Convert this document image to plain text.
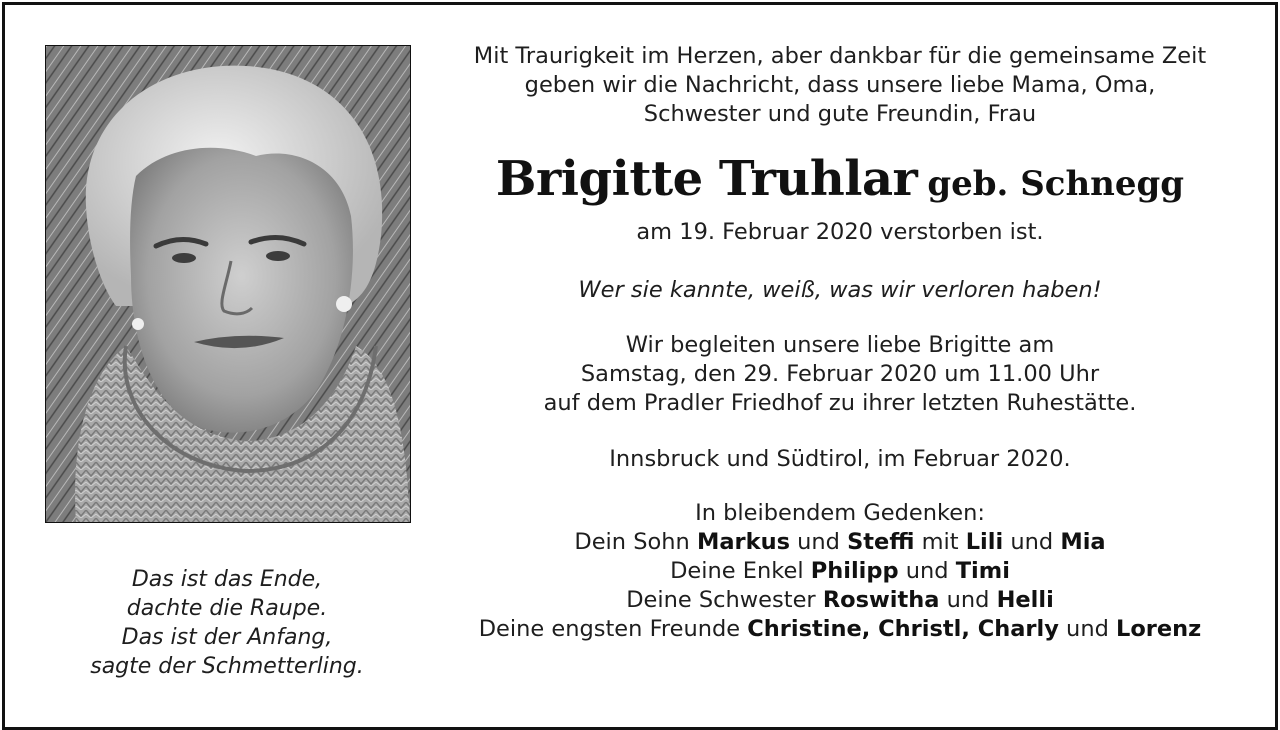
Das ist das Ende,
dachte die Raupe.
Das ist der Anfang,
sagte der Schmetterling.
Mit Traurigkeit im Herzen, aber dankbar für die gemeinsame Zeit
geben wir die Nachricht, dass unsere liebe Mama, Oma,
Schwester und gute Freundin, Frau
Brigitte Truhlar geb. Schnegg
am 19. Februar 2020 verstorben ist.
Wer sie kannte, weiß, was wir verloren haben!
Wir begleiten unsere liebe Brigitte am
Samstag, den 29. Februar 2020 um 11.00 Uhr
auf dem Pradler Friedhof zu ihrer letzten Ruhestätte.
Innsbruck und Südtirol, im Februar 2020.
In bleibendem Gedenken:
Dein Sohn Markus und Steffi mit Lili und Mia
Deine Enkel Philipp und Timi
Deine Schwester Roswitha und Helli
Deine engsten Freunde Christine, Christl, Charly und Lorenz
